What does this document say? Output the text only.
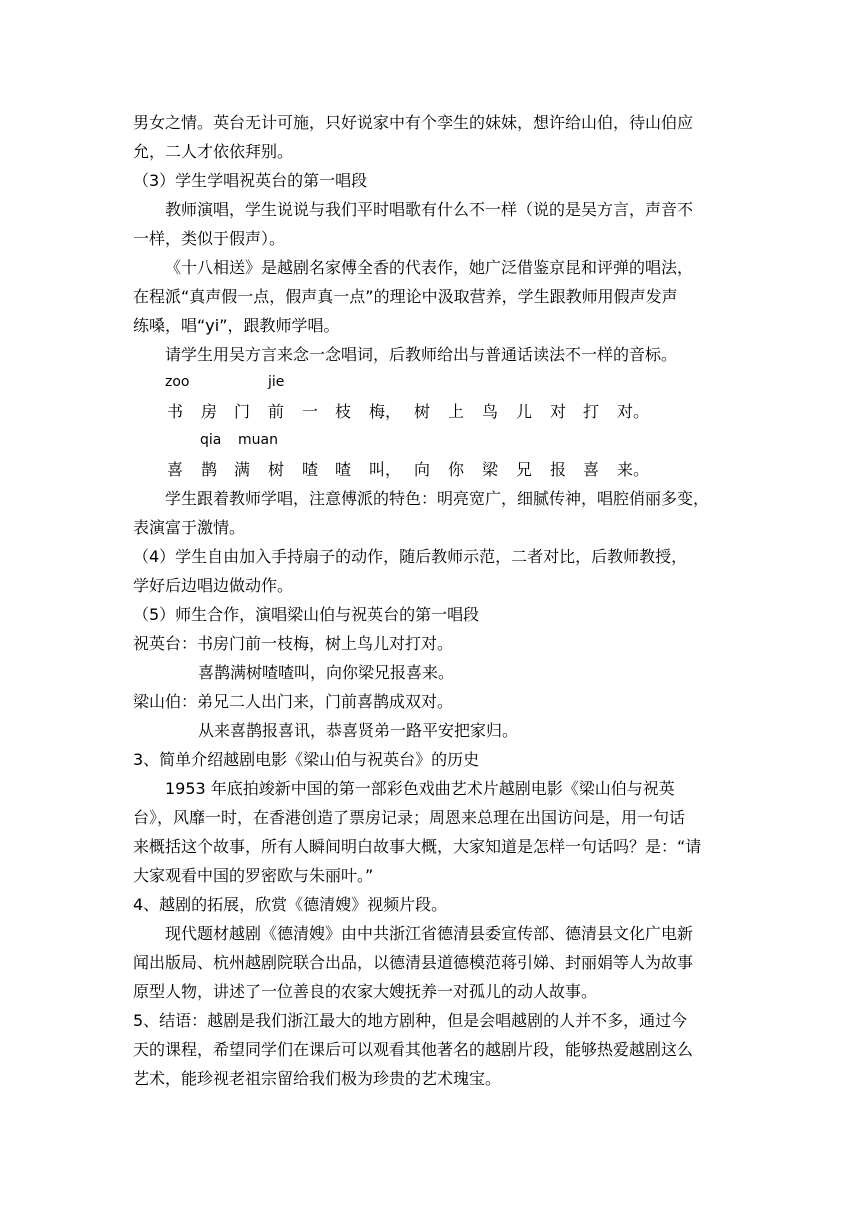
男女之情。英台无计可施，只好说家中有个孪生的妹妹，想许给山伯，待山伯应
允，二人才依依拜别。
（3）学生学唱祝英台的第一唱段
教师演唱，学生说说与我们平时唱歌有什么不一样（说的是吴方言，声音不
一样，类似于假声）。
《十八相送》是越剧名家傅全香的代表作，她广泛借鉴京昆和评弹的唱法，
在程派“真声假一点，假声真一点”的理论中汲取营养，学生跟教师用假声发声
练嗓，唱“yi”，跟教师学唱。
请学生用吴方言来念一念唱词，后教师给出与普通话读法不一样的音标。
学生跟着教师学唱，注意傅派的特色：明亮宽广，细腻传神，唱腔俏丽多变，
表演富于激情。
（4）学生自由加入手持扇子的动作，随后教师示范，二者对比，后教师教授，
学好后边唱边做动作。
（5）师生合作，演唱梁山伯与祝英台的第一唱段
祝英台：书房门前一枝梅，树上鸟儿对打对。
喜鹊满树喳喳叫，向你梁兄报喜来。
梁山伯：弟兄二人出门来，门前喜鹊成双对。
从来喜鹊报喜讯，恭喜贤弟一路平安把家归。
3、简单介绍越剧电影《梁山伯与祝英台》的历史
1953 年底拍竣新中国的第一部彩色戏曲艺术片越剧电影《梁山伯与祝英
台》，风靡一时，在香港创造了票房记录；周恩来总理在出国访问是，用一句话
来概括这个故事，所有人瞬间明白故事大概，大家知道是怎样一句话吗？是：“请
大家观看中国的罗密欧与朱丽叶。”
4、越剧的拓展，欣赏《德清嫂》视频片段。
现代题材越剧《德清嫂》由中共浙江省德清县委宣传部、德清县文化广电新
闻出版局、杭州越剧院联合出品，以德清县道德模范蒋引娣、封丽娟等人为故事
原型人物，讲述了一位善良的农家大嫂抚养一对孤儿的动人故事。
5、结语：越剧是我们浙江最大的地方剧种，但是会唱越剧的人并不多，通过今
天的课程，希望同学们在课后可以观看其他著名的越剧片段，能够热爱越剧这么
艺术，能珍视老祖宗留给我们极为珍贵的艺术瑰宝。
zoo	jie
书 房 门 前 一 枝 梅， 树 上 鸟 儿 对 打 对。
qia muan
喜 鹊 满 树 喳 喳 叫， 向 你 梁 兄 报 喜 来。
